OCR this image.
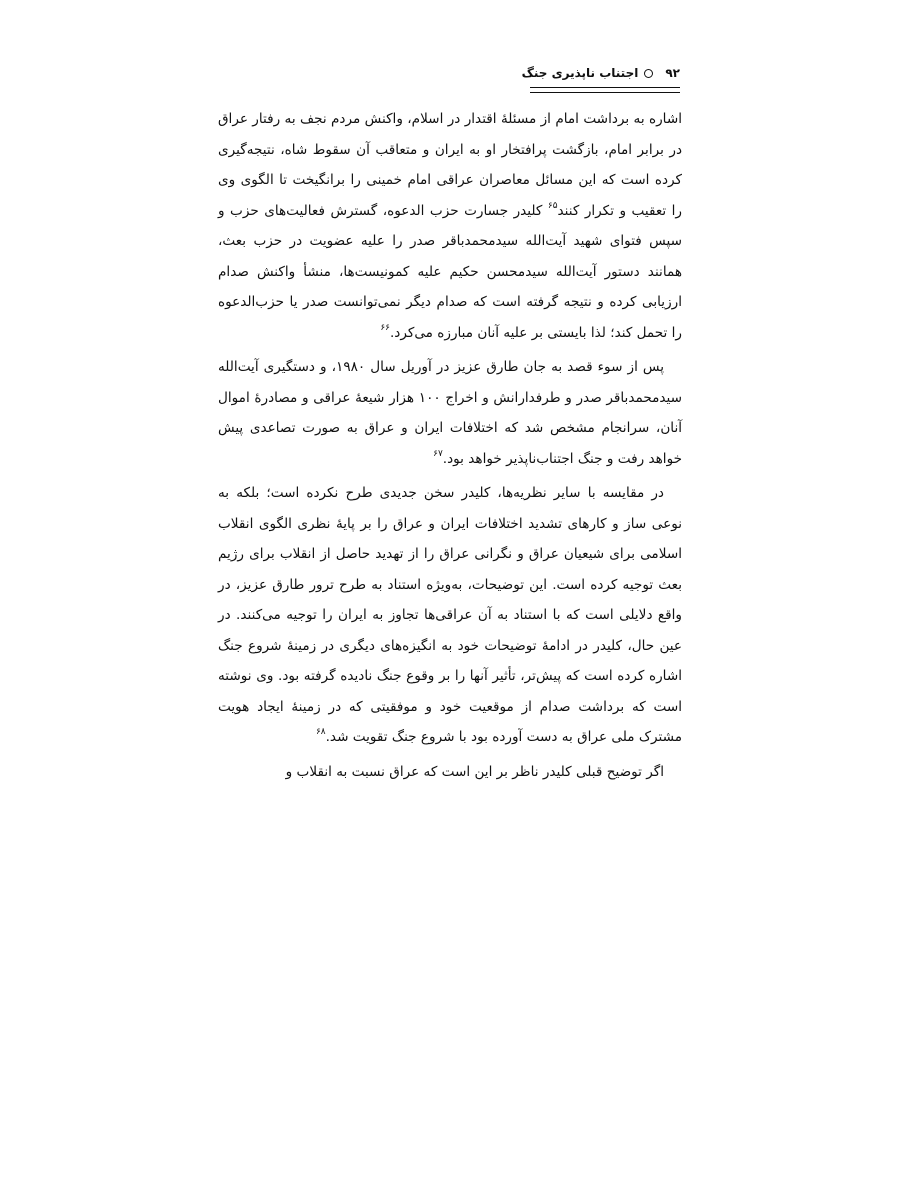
۹۲
اجتناب ناپذیری جنگ

اشاره به برداشت امام از مسئلهٔ اقتدار در اسلام، واکنش مردم نجف به رفتار عراق در برابر امام، بازگشت پرافتخار او به ایران و متعاقب آن سقوط شاه، نتیجه‌گیری کرده است که این مسائل معاصران عراقی امام خمینی را برانگیخت تا الگوی وی را تعقیب و تکرار کنند$^{۶۵}$ کلیدر جسارت حزب الدعوه، گسترش فعالیت‌های حزب و سپس فتوای شهید آیت‌الله سیدمحمدباقر صدر را علیه عضویت در حزب بعث، همانند دستور آیت‌الله سیدمحسن حکیم علیه کمونیست‌ها، منشأ واکنش صدام ارزیابی کرده و نتیجه گرفته است که صدام دیگر نمی‌توانست صدر یا حزب‌الدعوه را تحمل کند؛ لذا بایستی بر علیه آنان مبارزه می‌کرد.$^{۶۶}$

پس از سوء قصد به جان طارق عزیز در آوریل سال ۱۹۸۰، و دستگیری آیت‌الله سیدمحمدباقر صدر و طرفدارانش و اخراج ۱۰۰ هزار شیعهٔ عراقی و مصادرهٔ اموال آنان، سرانجام مشخص شد که اختلافات ایران و عراق به صورت تصاعدی پیش خواهد رفت و جنگ اجتناب‌ناپذیر خواهد بود.$^{۶۷}$

در مقایسه با سایر نظریه‌ها، کلیدر سخن جدیدی طرح نکرده است؛ بلکه به نوعی ساز و کارهای تشدید اختلافات ایران و عراق را بر پایهٔ نظری الگوی انقلاب اسلامی برای شیعیان عراق و نگرانی عراق را از تهدید حاصل از انقلاب برای رژیم بعث توجیه کرده است. این توضیحات، به‌ویژه استناد به طرح ترور طارق عزیز، در واقع دلایلی است که با استناد به آن عراقی‌ها تجاوز به ایران را توجیه می‌کنند. در عین حال، کلیدر در ادامهٔ توضیحات خود به انگیزه‌های دیگری در زمینهٔ شروع جنگ اشاره کرده است که پیش‌تر، تأثیر آنها را بر وقوع جنگ نادیده گرفته بود. وی نوشته است که برداشت صدام از موقعیت خود و موفقیتی که در زمینهٔ ایجاد هویت مشترک ملی عراق به دست آورده بود با شروع جنگ تقویت شد.$^{۶۸}$

اگر توضیح قبلی کلیدر ناظر بر این است که عراق نسبت به انقلاب و
